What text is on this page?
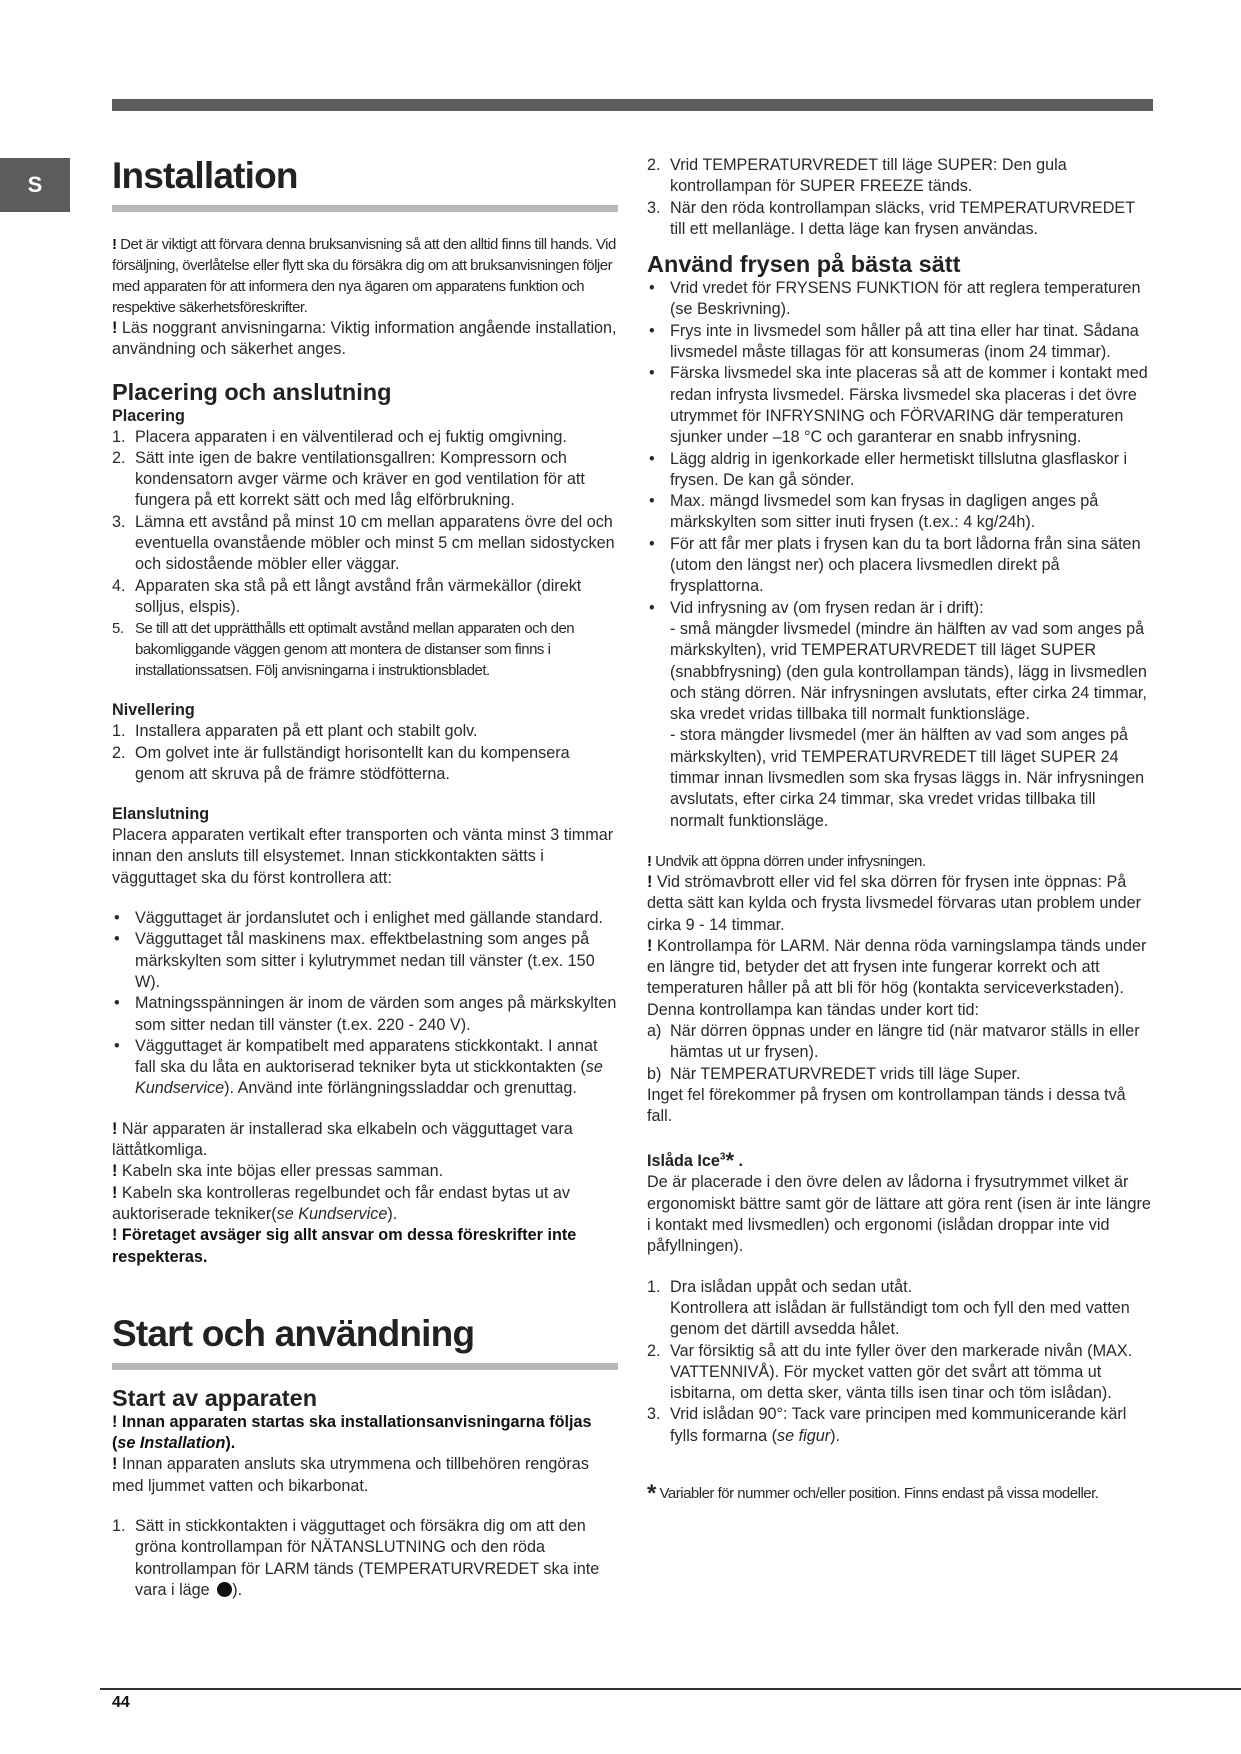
S Installation

! Det är viktigt att förvara denna bruksanvisning så att den alltid finns till hands. Vid försäljning, överlåtelse eller flytt ska du försäkra dig om att bruksanvisningen följer med apparaten för att informera den nya ägaren om apparatens funktion och respektive säkerhetsföreskrifter.

! Läs noggrant anvisningarna: Viktig information angående installation, användning och säkerhet anges.

Placering och anslutning
Placering
1. Placera apparaten i en välventilerad och ej fuktig omgivning.
2. Sätt inte igen de bakre ventilationsgallren: Kompressorn och kondensatorn avger värme och kräver en god ventilation för att fungera på ett korrekt sätt och med låg elförbrukning.
3. Lämna ett avstånd på minst 10 cm mellan apparatens övre del och eventuella ovanstående möbler och minst 5 cm mellan sidostycken och sidostående möbler eller väggar.
4. Apparaten ska stå på ett långt avstånd från värmekällor (direkt solljus, elspis).
5. Se till att det upprätthålls ett optimalt avstånd mellan apparaten och den bakomliggande väggen genom att montera de distanser som finns i installationssatsen. Följ anvisningarna i instruktionsbladet.
Nivellering
1. Installera apparaten på ett plant och stabilt golv.
2. Om golvet inte är fullständigt horisontellt kan du kompensera genom att skruva på de främre stödfötterna.
Elanslutning

Placera apparaten vertikalt efter transporten och vänta minst 3 timmar innan den ansluts till elsystemet. Innan stickkontakten sätts i vägguttaget ska du först kontrollera att:

• Vägguttaget är jordanslutet och i enlighet med gällande standard.
• Vägguttaget tål maskinens max. effektbelastning som anges på märkskylten som sitter i kylutrymmet nedan till vänster (t.ex. 150 W).
• Matningsspänningen är inom de värden som anges på märkskylten som sitter nedan till vänster (t.ex. 220 - 240 V).
• Vägguttaget är kompatibelt med apparatens stickkontakt. I annat fall ska du låta en auktoriserad tekniker byta ut stickkontakten (se Kundservice). Använd inte förlängningssladdar och grenuttag.

! När apparaten är installerad ska elkabeln och vägguttaget vara lättåtkomliga.

! Kabeln ska inte böjas eller pressas samman.

! Kabeln ska kontrolleras regelbundet och får endast bytas ut av auktoriserade tekniker(se Kundservice).

! Företaget avsäger sig allt ansvar om dessa föreskrifter inte respekteras.

Start och användning
Start av apparaten

! Innan apparaten startas ska installationsanvisningarna följas (se Installation).

! Innan apparaten ansluts ska utrymmena och tillbehören rengöras med ljummet vatten och bikarbonat.

1. Sätt in stickkontakten i vägguttaget och försäkra dig om att den gröna kontrollampan för NÄTANSLUTNING och den röda kontrollampan för LARM tänds (TEMPERATURVREDET ska inte vara i läge ).
2. Vrid TEMPERATURVREDET till läge SUPER: Den gula kontrollampan för SUPER FREEZE tänds.
3. När den röda kontrollampan släcks, vrid TEMPERATURVREDET till ett mellanläge. I detta läge kan frysen användas.
Använd frysen på bästa sätt
• Vrid vredet för FRYSENS FUNKTION för att reglera temperaturen (se Beskrivning).
• Frys inte in livsmedel som håller på att tina eller har tinat. Sådana livsmedel måste tillagas för att konsumeras (inom 24 timmar).
• Färska livsmedel ska inte placeras så att de kommer i kontakt med redan infrysta livsmedel. Färska livsmedel ska placeras i det övre utrymmet för INFRYSNING och FÖRVARING där temperaturen sjunker under –18 °C och garanterar en snabb infrysning.
• Lägg aldrig in igenkorkade eller hermetiskt tillslutna glasflaskor i frysen. De kan gå sönder.
• Max. mängd livsmedel som kan frysas in dagligen anges på märkskylten som sitter inuti frysen (t.ex.: 4 kg/24h).
• För att får mer plats i frysen kan du ta bort lådorna från sina säten (utom den längst ner) och placera livsmedlen direkt på frysplattorna.
• Vid infrysning av (om frysen redan är i drift):
- små mängder livsmedel (mindre än hälften av vad som anges på märkskylten), vrid TEMPERATURVREDET till läget SUPER (snabbfrysning) (den gula kontrollampan tänds), lägg in livsmedlen och stäng dörren. När infrysningen avslutats, efter cirka 24 timmar, ska vredet vridas tillbaka till normalt funktionsläge.
- stora mängder livsmedel (mer än hälften av vad som anges på märkskylten), vrid TEMPERATURVREDET till läget SUPER 24 timmar innan livsmedlen som ska frysas läggs in. När infrysningen avslutats, efter cirka 24 timmar, ska vredet vridas tillbaka till normalt funktionsläge.

! Undvik att öppna dörren under infrysningen.

! Vid strömavbrott eller vid fel ska dörren för frysen inte öppnas: På detta sätt kan kylda och frysta livsmedel förvaras utan problem under cirka 9 - 14 timmar.

! Kontrollampa för LARM. När denna röda varningslampa tänds under en längre tid, betyder det att frysen inte fungerar korrekt och att temperaturen håller på att bli för hög (kontakta serviceverkstaden).

Denna kontrollampa kan tändas under kort tid:

a) När dörren öppnas under en längre tid (när matvaror ställs in eller hämtas ut ur frysen).
b) När TEMPERATURVREDET vrids till läge Super.

Inget fel förekommer på frysen om kontrollampan tänds i dessa två fall.

Islåda Ice$^3$* .

De är placerade i den övre delen av lådorna i frysutrymmet vilket är ergonomiskt bättre samt gör de lättare att göra rent (isen är inte längre i kontakt med livsmedlen) och ergonomi (islådan droppar inte vid påfyllningen).

1. Dra islådan uppåt och sedan utåt.
Kontrollera att islådan är fullständigt tom och fyll den med vatten genom det därtill avsedda hålet.
2. Var försiktig så att du inte fyller över den markerade nivån (MAX. VATTENNIVÅ). För mycket vatten gör det svårt att tömma ut isbitarna, om detta sker, vänta tills isen tinar och töm islådan).
3. Vrid islådan 90°: Tack vare principen med kommunicerande kärl fylls formarna (se figur).

* Variabler för nummer och/eller position. Finns endast på vissa modeller.

44
